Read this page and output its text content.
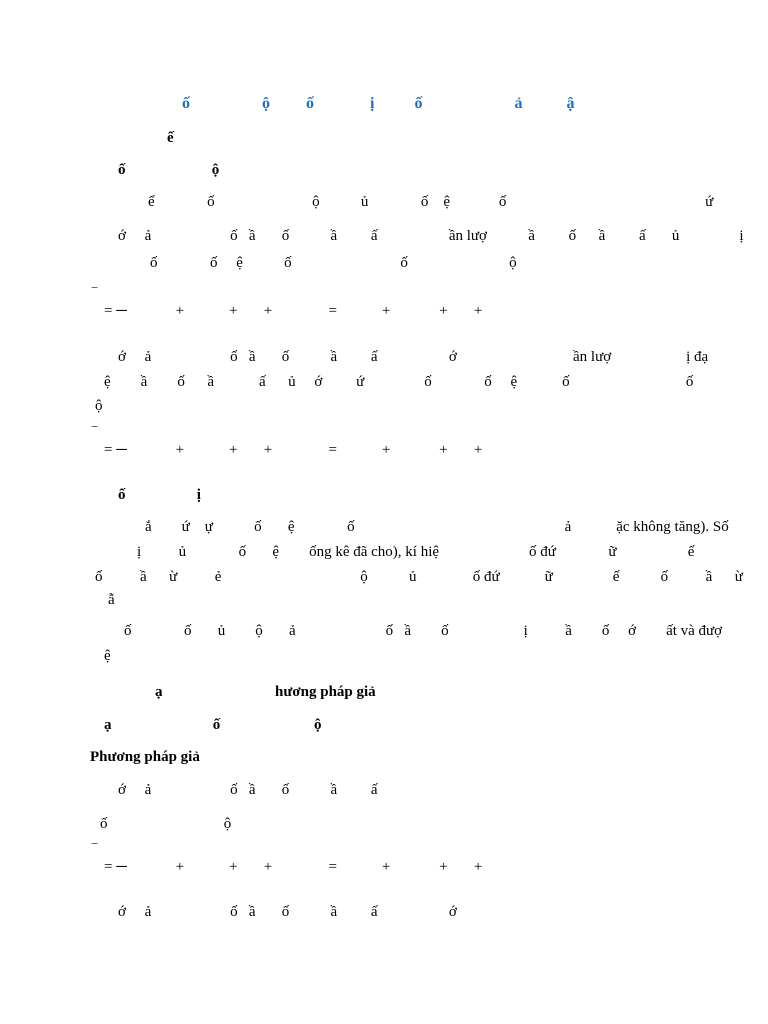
ố                  ộ         ố              ị          ố                       ả           ậ
ế
ố                       ộ
ể              ố                          ộ           ủ              ố    ệ             ố                                                     ứ
ớ     ả                     ố   ầ       ố           ầ         ấ                   ần lượ           ầ         ố      ầ         ấ       ủ                ị
ố              ố     ệ           ố                             ố                           ộ
‾
= ─             +            +       +               =            +             +       +
ớ     ả                     ố   ầ       ố           ầ         ấ                   ớ                               ần lượ                    ị đạ
ệ        ầ        ố      ầ            ấ      ủ     ớ         ứ                ố              ố     ệ            ố                               ố
ộ
‾
= ─             +            +       +               =            +             +       +
ố                   ị
ắ        ứ    ự           ố       ệ              ố                                                        ả            ặc không tăng). Số
ị          ủ              ố       ệ        ống kê đã cho), kí hiệ                        ố đứ              ữ                   ế
ố          ầ      ừ          ẻ                                     ộ           ủ               ố đứ            ữ                ế           ố          ầ      ừ
ẫ
ố              ố       ủ        ộ       ả                        ố   ầ        ố                    ị          ầ        ố     ớ        ất và đượ
ệ
ạ                              hương pháp giả
ạ                           ố                         ộ
Phương pháp giả
ớ     ả                     ố   ầ       ố           ầ         ấ
ố                               ộ
‾
= ─             +            +       +               =            +             +       +
ớ     ả                     ố   ầ       ố           ầ         ấ                   ớ
